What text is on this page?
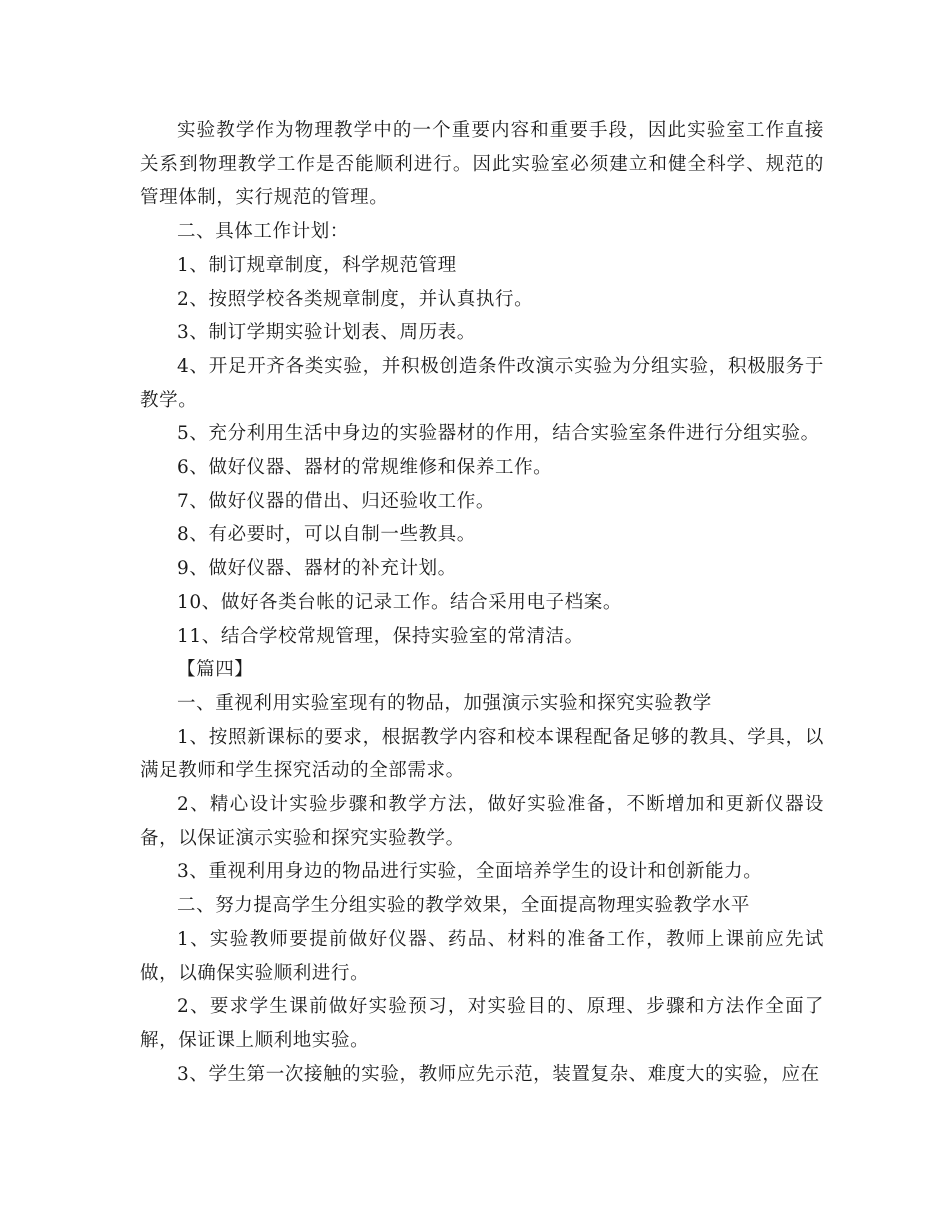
实验教学作为物理教学中的一个重要内容和重要手段，因此实验室工作直接关系到物理教学工作是否能顺利进行。因此实验室必须建立和健全科学、规范的管理体制，实行规范的管理。

二、具体工作计划：

1、制订规章制度，科学规范管理

2、按照学校各类规章制度，并认真执行。

3、制订学期实验计划表、周历表。

4、开足开齐各类实验，并积极创造条件改演示实验为分组实验，积极服务于教学。

5、充分利用生活中身边的实验器材的作用，结合实验室条件进行分组实验。

6、做好仪器、器材的常规维修和保养工作。

7、做好仪器的借出、归还验收工作。

8、有必要时，可以自制一些教具。

9、做好仪器、器材的补充计划。

10、做好各类台帐的记录工作。结合采用电子档案。

11、结合学校常规管理，保持实验室的常清洁。

【篇四】

一、重视利用实验室现有的物品，加强演示实验和探究实验教学

1、按照新课标的要求，根据教学内容和校本课程配备足够的教具、学具，以满足教师和学生探究活动的全部需求。

2、精心设计实验步骤和教学方法，做好实验准备，不断增加和更新仪器设备，以保证演示实验和探究实验教学。

3、重视利用身边的物品进行实验，全面培养学生的设计和创新能力。

二、努力提高学生分组实验的教学效果，全面提高物理实验教学水平

1、实验教师要提前做好仪器、药品、材料的准备工作，教师上课前应先试做，以确保实验顺利进行。

2、要求学生课前做好实验预习，对实验目的、原理、步骤和方法作全面了解，保证课上顺利地实验。

3、学生第一次接触的实验，教师应先示范，装置复杂、难度大的实验，应在
